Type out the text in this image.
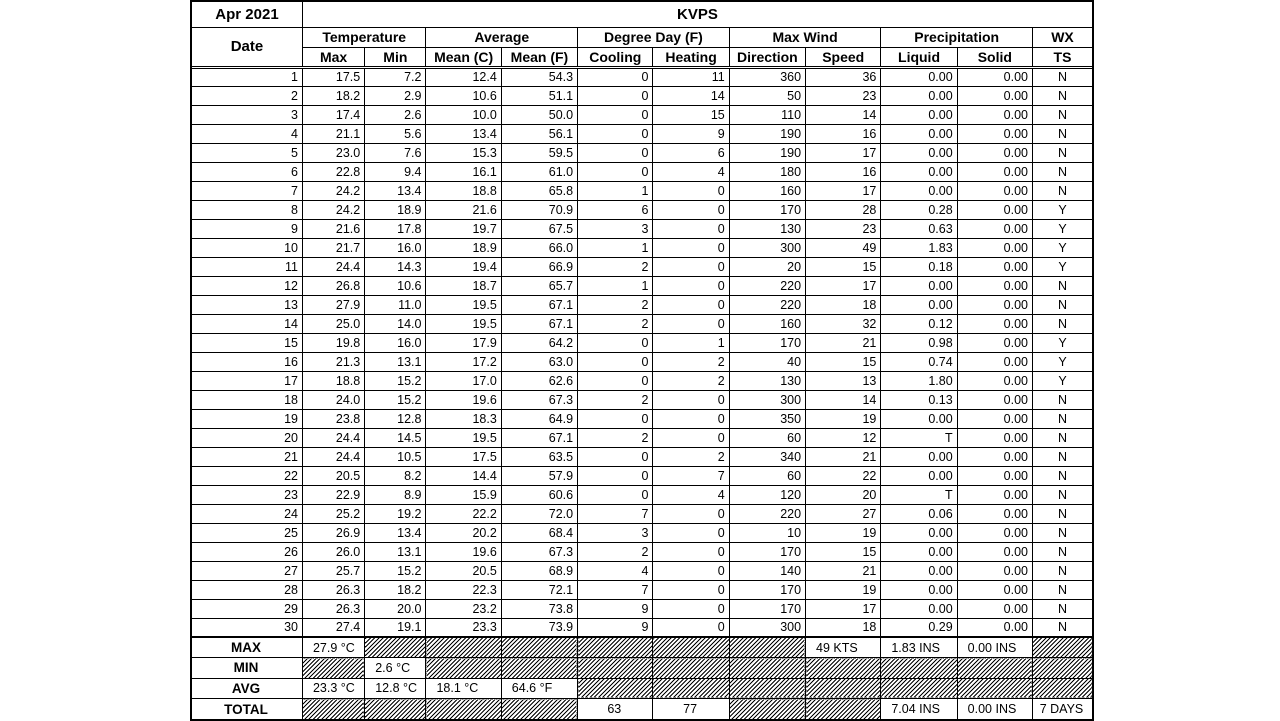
Apr 2021	KVPS										
Date	Temperature		Average		Degree Day (F)		Max Wind		Precipitation		WX
	Max	Min	Mean (C)	Mean (F)	Cooling	Heating	Direction	Speed	Liquid	Solid	TS
1	17.5	7.2	12.4	54.3	0	11	360	36	0.00	0.00	N
2	18.2	2.9	10.6	51.1	0	14	50	23	0.00	0.00	N
3	17.4	2.6	10.0	50.0	0	15	110	14	0.00	0.00	N
4	21.1	5.6	13.4	56.1	0	9	190	16	0.00	0.00	N
5	23.0	7.6	15.3	59.5	0	6	190	17	0.00	0.00	N
6	22.8	9.4	16.1	61.0	0	4	180	16	0.00	0.00	N
7	24.2	13.4	18.8	65.8	1	0	160	17	0.00	0.00	N
8	24.2	18.9	21.6	70.9	6	0	170	28	0.28	0.00	Y
9	21.6	17.8	19.7	67.5	3	0	130	23	0.63	0.00	Y
10	21.7	16.0	18.9	66.0	1	0	300	49	1.83	0.00	Y
11	24.4	14.3	19.4	66.9	2	0	20	15	0.18	0.00	Y
12	26.8	10.6	18.7	65.7	1	0	220	17	0.00	0.00	N
13	27.9	11.0	19.5	67.1	2	0	220	18	0.00	0.00	N
14	25.0	14.0	19.5	67.1	2	0	160	32	0.12	0.00	N
15	19.8	16.0	17.9	64.2	0	1	170	21	0.98	0.00	Y
16	21.3	13.1	17.2	63.0	0	2	40	15	0.74	0.00	Y
17	18.8	15.2	17.0	62.6	0	2	130	13	1.80	0.00	Y
18	24.0	15.2	19.6	67.3	2	0	300	14	0.13	0.00	N
19	23.8	12.8	18.3	64.9	0	0	350	19	0.00	0.00	N
20	24.4	14.5	19.5	67.1	2	0	60	12	T	0.00	N
21	24.4	10.5	17.5	63.5	0	2	340	21	0.00	0.00	N
22	20.5	8.2	14.4	57.9	0	7	60	22	0.00	0.00	N
23	22.9	8.9	15.9	60.6	0	4	120	20	T	0.00	N
24	25.2	19.2	22.2	72.0	7	0	220	27	0.06	0.00	N
25	26.9	13.4	20.2	68.4	3	0	10	19	0.00	0.00	N
26	26.0	13.1	19.6	67.3	2	0	170	15	0.00	0.00	N
27	25.7	15.2	20.5	68.9	4	0	140	21	0.00	0.00	N
28	26.3	18.2	22.3	72.1	7	0	170	19	0.00	0.00	N
29	26.3	20.0	23.2	73.8	9	0	170	17	0.00	0.00	N
30	27.4	19.1	23.3	73.9	9	0	300	18	0.29	0.00	N
MAX	27.9 °C							49 KTS	1.83 INS	0.00 INS	
MIN		2.6 °C									
AVG	23.3 °C	12.8 °C	18.1 °C	64.6 °F							
TOTAL					63	77			7.04 INS	0.00 INS	7 DAYS
